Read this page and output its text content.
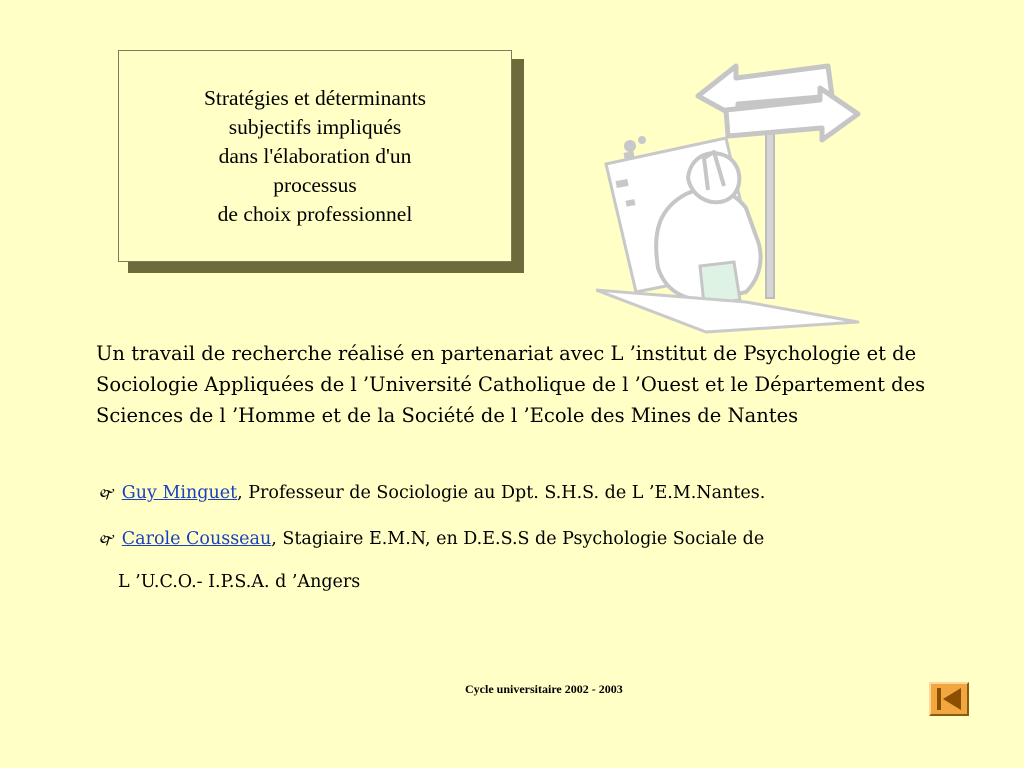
Stratégies et déterminants
subjectifs impliqués
dans l'élaboration d'un
processus
de choix professionnel

Un travail de recherche réalisé en partenariat avec L ’institut de Psychologie et de Sociologie Appliquées de l ’Université Catholique de l ’Ouest et le Département des Sciences de l ’Homme et de la Société de l ’Ecole des Mines de Nantes

🙰 Guy Minguet, Professeur de Sociologie au Dpt. S.H.S. de L ’E.M.Nantes.
🙰 Carole Cousseau, Stagiaire E.M.N, en D.E.S.S de Psychologie Sociale de
L ’U.C.O.- I.P.S.A. d ’Angers
Cycle universitaire 2002 - 2003
